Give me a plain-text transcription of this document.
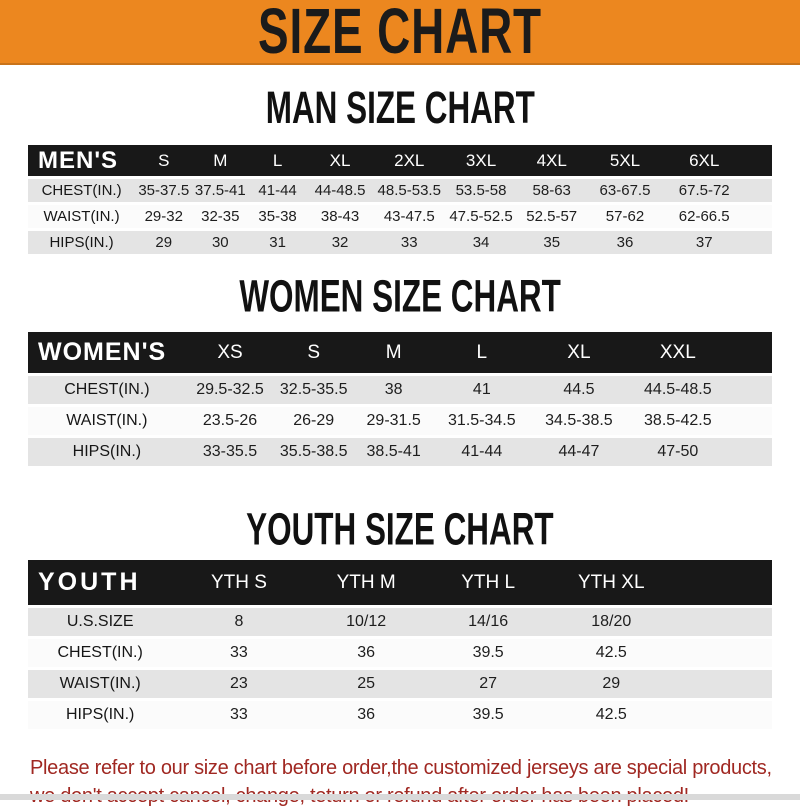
SIZE CHART
MAN SIZE CHART
MEN'S	S	M	L	XL	2XL	3XL	4XL	5XL	6XL	
CHEST(IN.)	35-37.5	37.5-41	41-44	44-48.5	48.5-53.5	53.5-58	58-63	63-67.5	67.5-72	
WAIST(IN.)	29-32	32-35	35-38	38-43	43-47.5	47.5-52.5	52.5-57	57-62	62-66.5	
HIPS(IN.)	29	30	31	32	33	34	35	36	37	
WOMEN SIZE CHART
WOMEN'S	XS	S	M	L	XL	XXL	
CHEST(IN.)	29.5-32.5	32.5-35.5	38	41	44.5	44.5-48.5	
WAIST(IN.)	23.5-26	26-29	29-31.5	31.5-34.5	34.5-38.5	38.5-42.5	
HIPS(IN.)	33-35.5	35.5-38.5	38.5-41	41-44	44-47	47-50	
YOUTH SIZE CHART
YOUTH	YTH S	YTH M	YTH L	YTH XL	
U.S.SIZE	8	10/12	14/16	18/20	
CHEST(IN.)	33	36	39.5	42.5	
WAIST(IN.)	23	25	27	29	
HIPS(IN.)	33	36	39.5	42.5	

Please refer to our size chart before order,the customized jerseys are special products,
